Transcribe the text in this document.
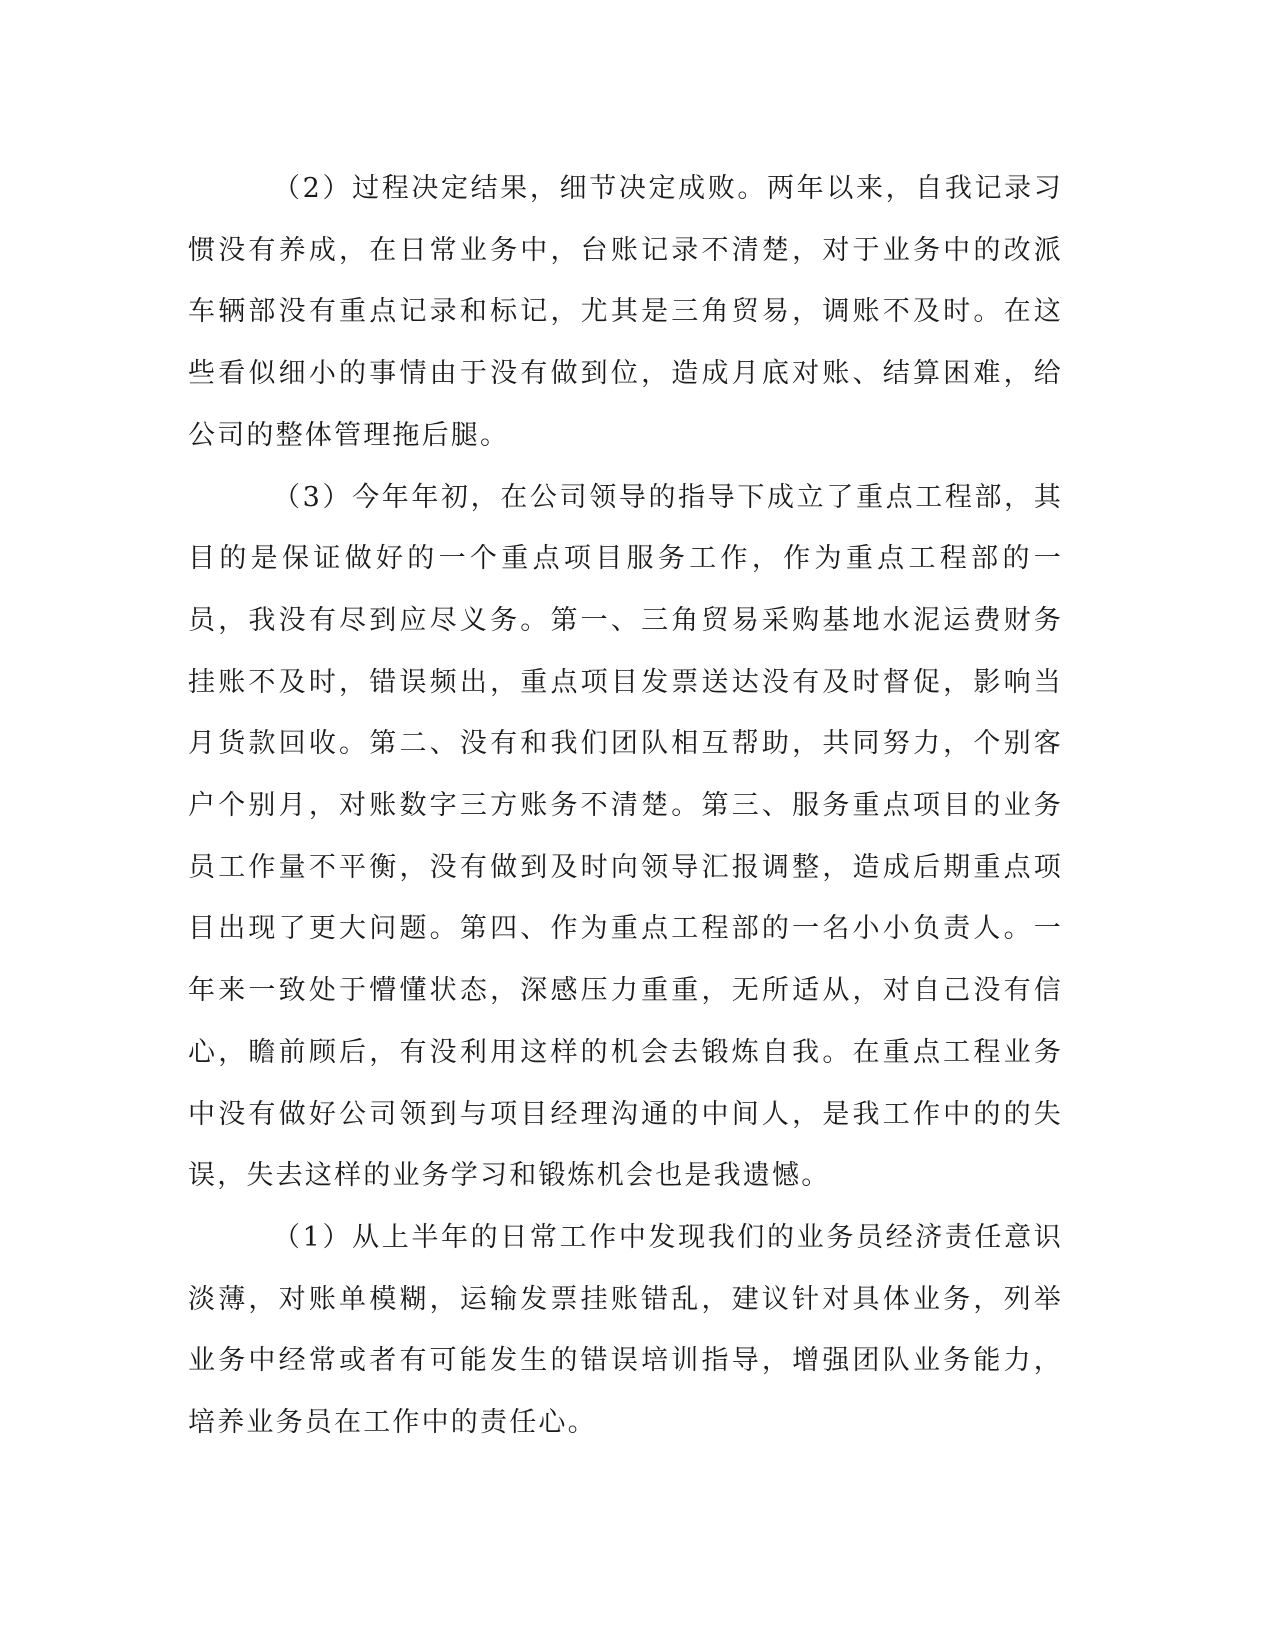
（2）过程决定结果，细节决定成败。两年以来，自我记录习惯没有养成，在日常业务中，台账记录不清楚，对于业务中的改派车辆部没有重点记录和标记，尤其是三角贸易，调账不及时。在这些看似细小的事情由于没有做到位，造成月底对账、结算困难，给公司的整体管理拖后腿。

（3）今年年初，在公司领导的指导下成立了重点工程部，其目的是保证做好的一个重点项目服务工作，作为重点工程部的一员，我没有尽到应尽义务。第一、三角贸易采购基地水泥运费财务挂账不及时，错误频出，重点项目发票送达没有及时督促，影响当月货款回收。第二、没有和我们团队相互帮助，共同努力，个别客户个别月，对账数字三方账务不清楚。第三、服务重点项目的业务员工作量不平衡，没有做到及时向领导汇报调整，造成后期重点项目出现了更大问题。第四、作为重点工程部的一名小小负责人。一年来一致处于懵懂状态，深感压力重重，无所适从，对自己没有信心，瞻前顾后，有没利用这样的机会去锻炼自我。在重点工程业务中没有做好公司领到与项目经理沟通的中间人，是我工作中的的失误，失去这样的业务学习和锻炼机会也是我遗憾。

（1）从上半年的日常工作中发现我们的业务员经济责任意识淡薄，对账单模糊，运输发票挂账错乱，建议针对具体业务，列举业务中经常或者有可能发生的错误培训指导，增强团队业务能力，培养业务员在工作中的责任心。
